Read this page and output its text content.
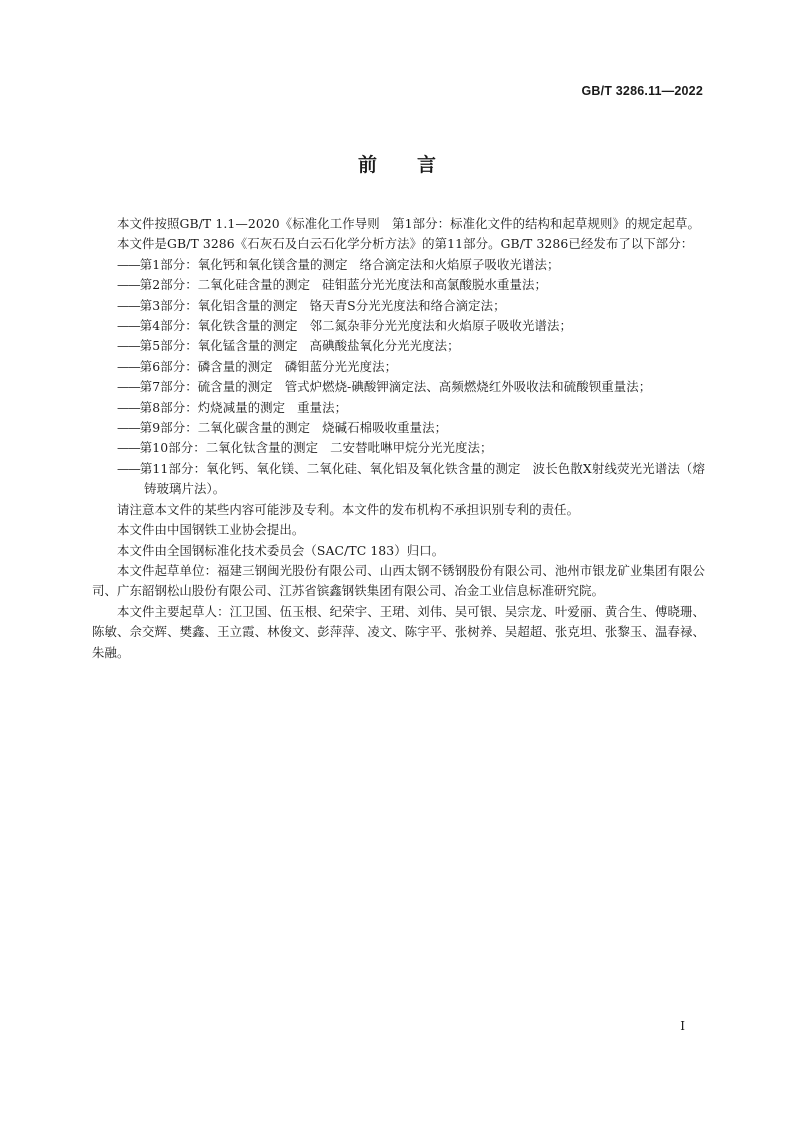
GB/T 3286.11—2022
前言

本文件按照GB/T 1.1—2020《标准化工作导则　第1部分：标准化文件的结构和起草规则》的规定起草。

本文件是GB/T 3286《石灰石及白云石化学分析方法》的第11部分。GB/T 3286已经发布了以下部分：

——第1部分：氧化钙和氧化镁含量的测定 络合滴定法和火焰原子吸收光谱法；

——第2部分：二氧化硅含量的测定 硅钼蓝分光光度法和高氯酸脱水重量法；

——第3部分：氧化铝含量的测定 铬天青S分光光度法和络合滴定法；

——第4部分：氧化铁含量的测定 邻二氮杂菲分光光度法和火焰原子吸收光谱法；

——第5部分：氧化锰含量的测定 高碘酸盐氧化分光光度法；

——第6部分：磷含量的测定 磷钼蓝分光光度法；

——第7部分：硫含量的测定 管式炉燃烧-碘酸钾滴定法、高频燃烧红外吸收法和硫酸钡重量法；

——第8部分：灼烧减量的测定 重量法；

——第9部分：二氧化碳含量的测定 烧碱石棉吸收重量法；

——第10部分：二氧化钛含量的测定 二安替吡啉甲烷分光光度法；

——第11部分：氧化钙、氧化镁、二氧化硅、氧化铝及氧化铁含量的测定 波长色散X射线荧光光谱法（熔铸玻璃片法）。

请注意本文件的某些内容可能涉及专利。本文件的发布机构不承担识别专利的责任。

本文件由中国钢铁工业协会提出。

本文件由全国钢标准化技术委员会（SAC/TC 183）归口。

本文件起草单位：福建三钢闽光股份有限公司、山西太钢不锈钢股份有限公司、池州市银龙矿业集团有限公司、广东韶钢松山股份有限公司、江苏省镔鑫钢铁集团有限公司、冶金工业信息标准研究院。

本文件主要起草人：江卫国、伍玉根、纪荣宇、王珺、刘伟、吴可银、吴宗龙、叶爱丽、黄合生、傅晓珊、陈敏、佘交辉、樊鑫、王立霞、林俊文、彭萍萍、凌文、陈宇平、张树养、吴超超、张克坦、张黎玉、温春禄、朱融。

I
